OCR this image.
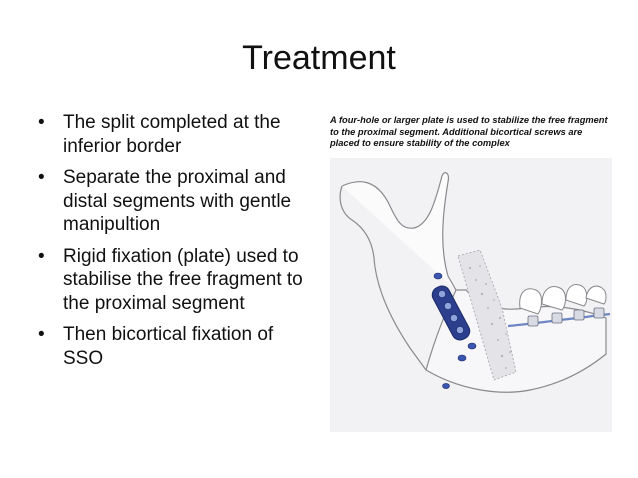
Treatment
• The split completed at the inferior border
• Separate the proximal and distal segments with gentle manipultion
• Rigid fixation (plate) used to stabilise the free fragment to the proximal segment
• Then bicortical fixation of SSO
A four-hole or larger plate is used to stabilize the free fragment to the proximal segment. Additional bicortical screws are placed to ensure stability of the complex
